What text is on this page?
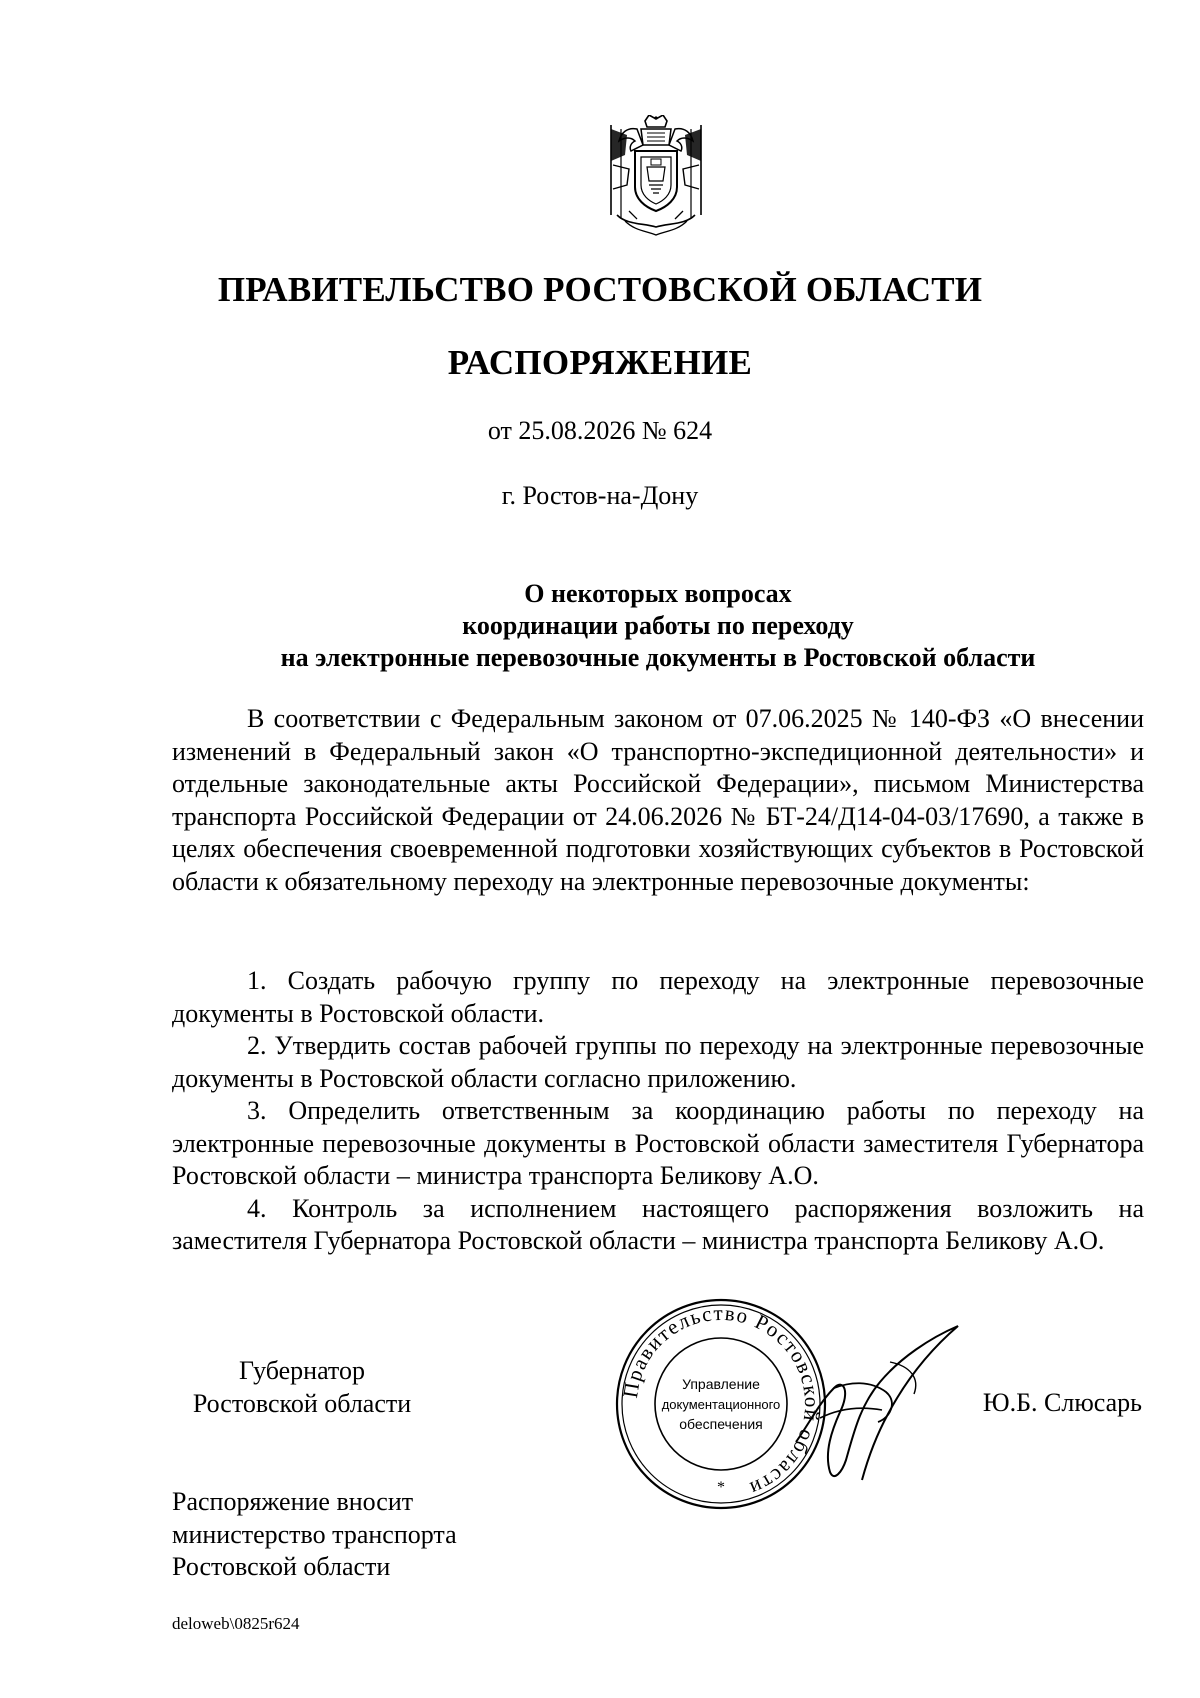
ПРАВИТЕЛЬСТВО РОСТОВСКОЙ ОБЛАСТИ
РАСПОРЯЖЕНИЕ
от 25.08.2026 № 624
г. Ростов-на-Дону
О некоторых вопросах
координации работы по переходу
на электронные перевозочные документы в Ростовской области

В соответствии с Федеральным законом от 07.06.2025 № 140-ФЗ «О внесении изменений в Федеральный закон «О транспортно-экспедиционной деятельности» и отдельные законодательные акты Российской Федерации», письмом Министерства транспорта Российской Федерации от 24.06.2026 № БТ-24/Д14-04-03/17690, а также в целях обеспечения своевременной подготовки хозяйствующих субъектов в Ростовской области к обязательному переходу на электронные перевозочные документы:

1. Создать рабочую группу по переходу на электронные перевозочные документы в Ростовской области.

2. Утвердить состав рабочей группы по переходу на электронные перевозочные документы в Ростовской области согласно приложению.

3. Определить ответственным за координацию работы по переходу на электронные перевозочные документы в Ростовской области заместителя Губернатора Ростовской области – министра транспорта Беликову А.О.

4. Контроль за исполнением настоящего распоряжения возложить на заместителя Губернатора Ростовской области – министра транспорта Беликову А.О.

Губернатор
Ростовской области	Правительство Ростовской области
Управление
документационного
обеспечения
*
Ю.Б. Слюсарь
Распоряжение вносит
министерство транспорта
Ростовской области
deloweb\0825r624
